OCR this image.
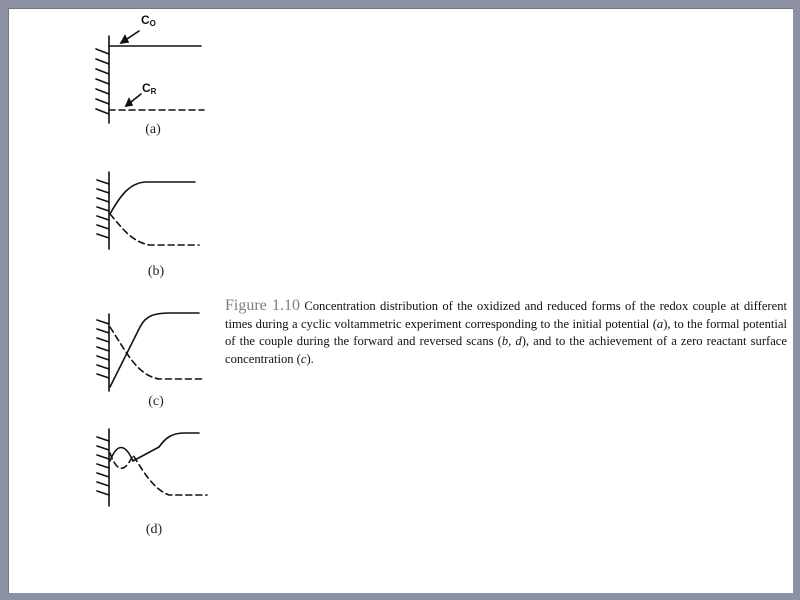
$C_O$
$C_R$
(a)
(b)
(c)
(d)
Figure 1.10 Concentration distribution of the oxidized and reduced forms of the redox couple at different times during a cyclic voltammetric experiment corresponding to the initial potential (a), to the formal potential of the couple during the forward and reversed scans (b, d), and to the achievement of a zero reactant surface concentration (c).
